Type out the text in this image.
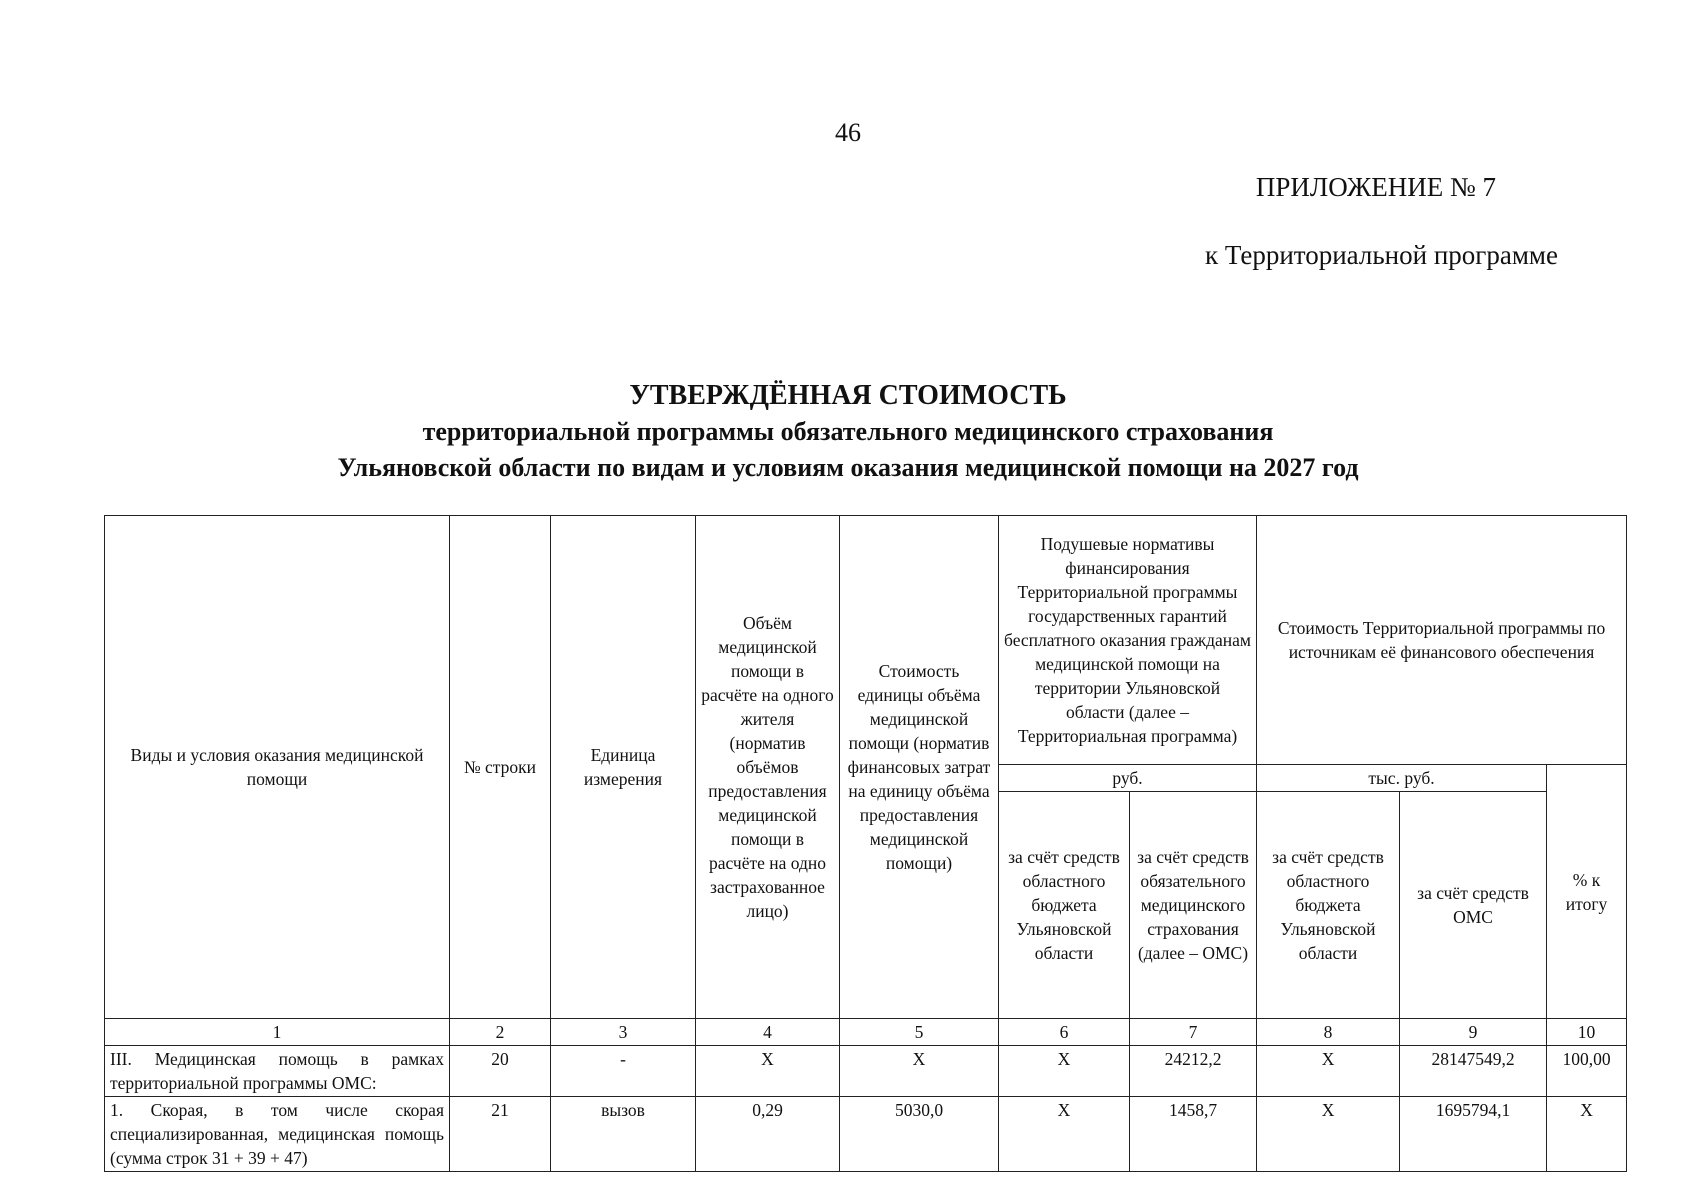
46
ПРИЛОЖЕНИЕ № 7
к Территориальной программе
УТВЕРЖДЁННАЯ СТОИМОСТЬ
территориальной программы обязательного медицинского страхования
Ульяновской области по видам и условиям оказания медицинской помощи на 2027 год
Виды и условия оказания медицинской помощи	№ строки	Единица измерения	Объём медицинской помощи в расчёте на одного жителя (норматив объёмов предоставления медицинской помощи в расчёте на одно застрахованное лицо)	Стоимость единицы объёма медицинской помощи (норматив финансовых затрат на единицу объёма предоставления медицинской помощи)	Подушевые нормативы финансирования Территориальной программы государственных гарантий бесплатного оказания гражданам медицинской помощи на территории Ульяновской области (далее – Территориальная программа)		Стоимость Территориальной программы по источникам её финансового обеспечения		
					руб.		тыс. руб.		% к итогу
					за счёт средств областного бюджета Ульяновской области	за счёт средств обязательного медицинского страхования (далее – ОМС)	за счёт средств областного бюджета Ульяновской области	за счёт средств ОМС	
1	2	3	4	5	6	7	8	9	10
III. Медицинская помощь в рамках территориальной программы ОМС:	20	-	Х	Х	Х	24212,2	Х	28147549,2	100,00
1. Скорая, в том числе скорая специализированная, медицинская помощь (сумма строк 31 + 39 + 47)	21	вызов	0,29	5030,0	Х	1458,7	Х	1695794,1	Х
